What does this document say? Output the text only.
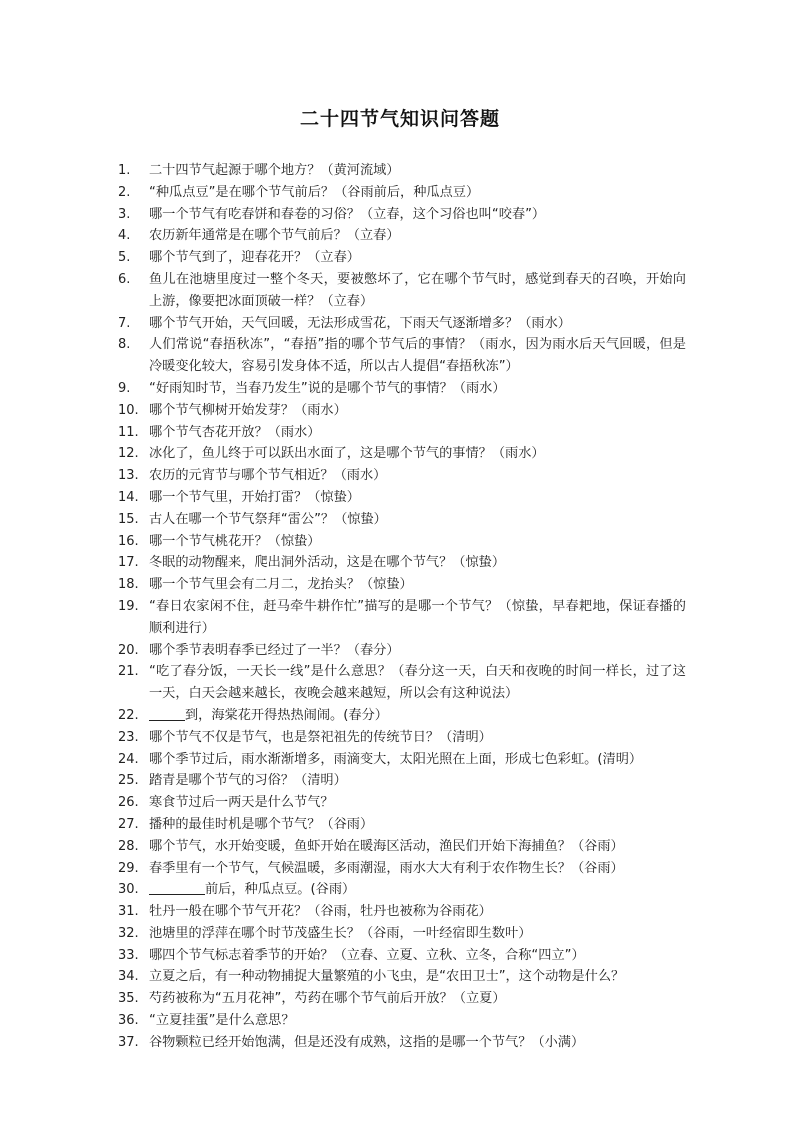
二十四节气知识问答题
1.	二十四节气起源于哪个地方？（黄河流域）
2.	“种瓜点豆”是在哪个节气前后？（谷雨前后，种瓜点豆）
3.	哪一个节气有吃春饼和春卷的习俗？（立春，这个习俗也叫“咬春”）
4.	农历新年通常是在哪个节气前后？（立春）
5.	哪个节气到了，迎春花开？（立春）
6.	鱼儿在池塘里度过一整个冬天，要被憋坏了，它在哪个节气时，感觉到春天的召唤，开始向上游，像要把冰面顶破一样？（立春）
7.	哪个节气开始，天气回暖，无法形成雪花，下雨天气逐渐增多？（雨水）
8.	人们常说“春捂秋冻”，“春捂”指的哪个节气后的事情？（雨水，因为雨水后天气回暖，但是冷暖变化较大，容易引发身体不适，所以古人提倡“春捂秋冻”）
9.	“好雨知时节，当春乃发生”说的是哪个节气的事情？（雨水）
10. 哪个节气柳树开始发芽？（雨水）
11. 哪个节气杏花开放？（雨水）
12. 冰化了，鱼儿终于可以跃出水面了，这是哪个节气的事情？（雨水）
13. 农历的元宵节与哪个节气相近？（雨水）
14. 哪一个节气里，开始打雷？（惊蛰）
15. 古人在哪一个节气祭拜“雷公”？（惊蛰）
16. 哪一个节气桃花开？（惊蛰）
17. 冬眠的动物醒来，爬出洞外活动，这是在哪个节气？（惊蛰）
18. 哪一个节气里会有二月二，龙抬头？（惊蛰）
19. “春日农家闲不住，赶马牵牛耕作忙”描写的是哪一个节气？（惊蛰，早春耙地，保证春播的顺利进行）
20. 哪个季节表明春季已经过了一半？（春分）
21. “吃了春分饭，一天长一线”是什么意思？（春分这一天，白天和夜晚的时间一样长，过了这一天，白天会越来越长，夜晚会越来越短，所以会有这种说法）
22.	到，海棠花开得热热闹闹。(春分）
23. 哪个节气不仅是节气，也是祭祀祖先的传统节日？（清明）
24. 哪个季节过后，雨水渐渐增多，雨滴变大，太阳光照在上面，形成七色彩虹。(清明）
25. 踏青是哪个节气的习俗？（清明）
26. 寒食节过后一两天是什么节气？
27. 播种的最佳时机是哪个节气？（谷雨）
28. 哪个节气，水开始变暖，鱼虾开始在暖海区活动，渔民们开始下海捕鱼？（谷雨）
29. 春季里有一个节气，气候温暖，多雨潮湿，雨水大大有利于农作物生长？（谷雨）
30.	前后，种瓜点豆。(谷雨）
31. 牡丹一般在哪个节气开花？（谷雨，牡丹也被称为谷雨花）
32. 池塘里的浮萍在哪个时节茂盛生长？（谷雨，一叶经宿即生数叶）
33. 哪四个节气标志着季节的开始？（立春、立夏、立秋、立冬，合称“四立”）
34. 立夏之后，有一种动物捕捉大量繁殖的小飞虫，是“农田卫士”，这个动物是什么？
35. 芍药被称为“五月花神”，芍药在哪个节气前后开放？（立夏）
36. “立夏挂蛋”是什么意思？
37. 谷物颗粒已经开始饱满，但是还没有成熟，这指的是哪一个节气？（小满）
